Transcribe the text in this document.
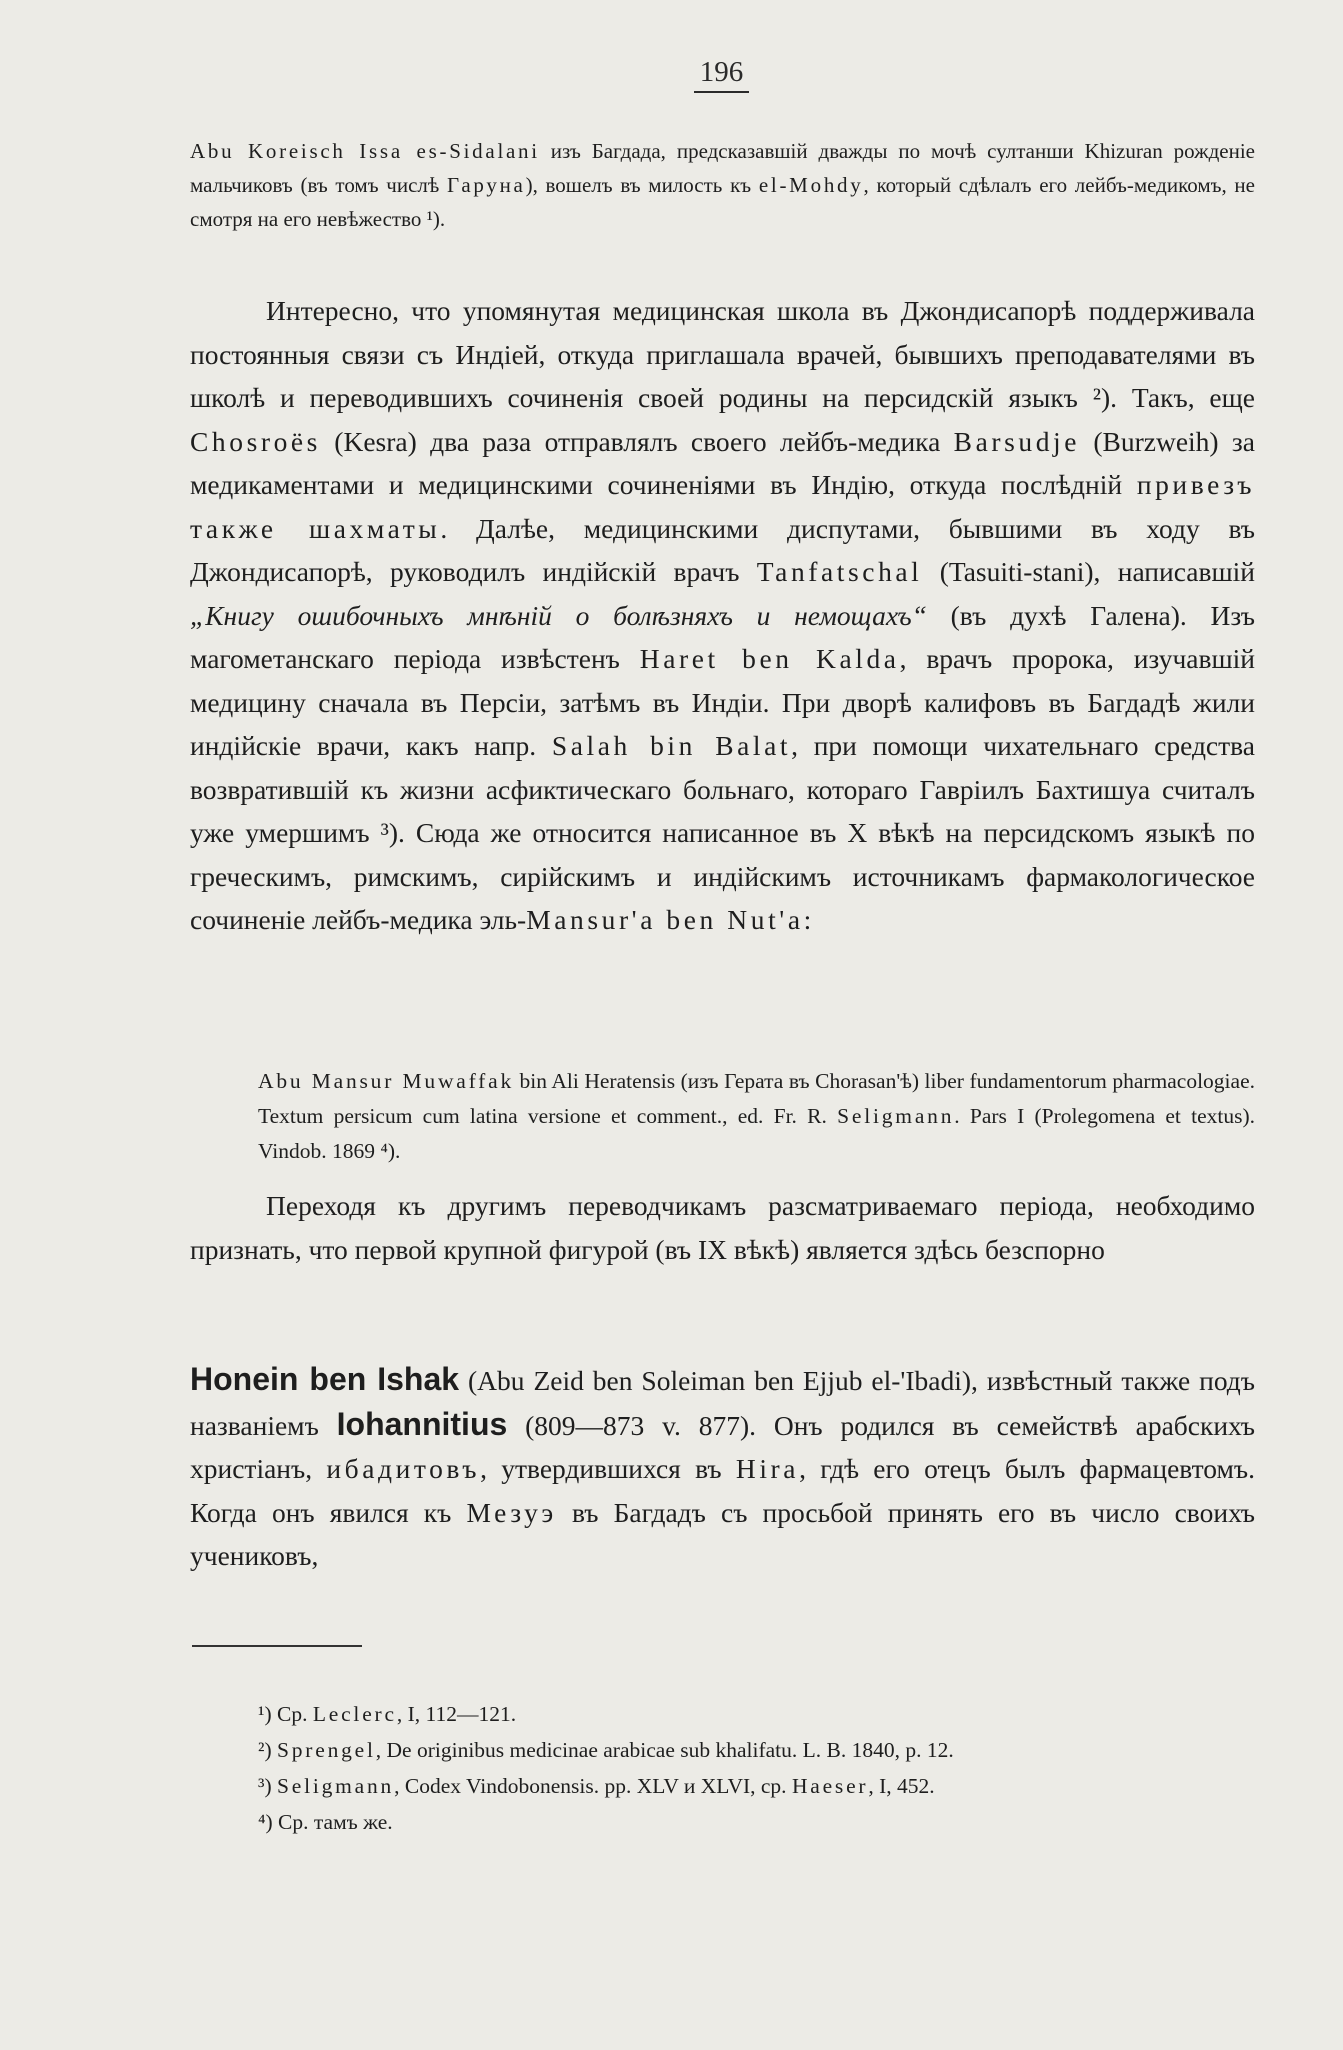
196

Abu Koreisch Issa es-Sidalani изъ Багдада, предсказавшій дважды по мочѣ султанши Khizuran рожденіе мальчиковъ (въ томъ числѣ Гаруна), вошелъ въ милость къ el-Mohdy, который сдѣлалъ его лейбъ-медикомъ, не смотря на его невѣжество ¹).

Интересно, что упомянутая медицинская школа въ Джондисапорѣ поддерживала постоянныя связи съ Индіей, откуда приглашала врачей, бывшихъ преподавателями въ школѣ и переводившихъ сочиненія своей родины на персидскій языкъ ²). Такъ, еще Chosroës (Kesra) два раза отправлялъ своего лейбъ-медика Barsudje (Burzweih) за медикаментами и медицинскими сочиненіями въ Индію, откуда послѣдній привезъ также шахматы. Далѣе, медицинскими диспутами, бывшими въ ходу въ Джондисапорѣ, руководилъ индійскій врачъ Tanfatschal (Tasuiti-stani), написавшій „Книгу ошибочныхъ мнѣній о болѣзняхъ и немощахъ“ (въ духѣ Галена). Изъ магометанскаго періода извѣстенъ Haret ben Kalda, врачъ пророка, изучавшій медицину сначала въ Персіи, затѣмъ въ Индіи. При дворѣ калифовъ въ Багдадѣ жили индійскіе врачи, какъ напр. Salah bin Balat, при помощи чихательнаго средства возвратившій къ жизни асфиктическаго больнаго, котораго Гавріилъ Бахтишуа считалъ уже умершимъ ³). Сюда же относится написанное въ X вѣкѣ на персидскомъ языкѣ по греческимъ, римскимъ, сирійскимъ и индійскимъ источникамъ фармакологическое сочиненіе лейбъ-медика эль-Mansur'a ben Nut'a:

Abu Mansur Muwaffak bin Ali Heratensis (изъ Герата въ Chorasan'ѣ) liber fundamentorum pharmacologiae. Textum persicum cum latina versione et comment., ed. Fr. R. Seligmann. Pars I (Prolegomena et textus). Vindob. 1869 ⁴).

Переходя къ другимъ переводчикамъ разсматриваемаго періода, необходимо признать, что первой крупной фигурой (въ IX вѣкѣ) является здѣсь безспорно

Honein ben Ishak (Abu Zeid ben Soleiman ben Ejjub el-'Ibadi), извѣстный также подъ названіемъ Iohannitius (809—873 v. 877). Онъ родился въ семействѣ арабскихъ христіанъ, ибадитовъ, утвердившихся въ Hira, гдѣ его отецъ былъ фармацевтомъ. Когда онъ явился къ Мезуэ въ Багдадъ съ просьбой принять его въ число своихъ учениковъ,

¹) Ср. Leclerc, I, 112—121.
²) Sprengel, De originibus medicinae arabicae sub khalifatu. L. B. 1840, p. 12.
³) Seligmann, Codex Vindobonensis. pp. XLV и XLVI, ср. Haeser, I, 452.
⁴) Ср. тамъ же.
